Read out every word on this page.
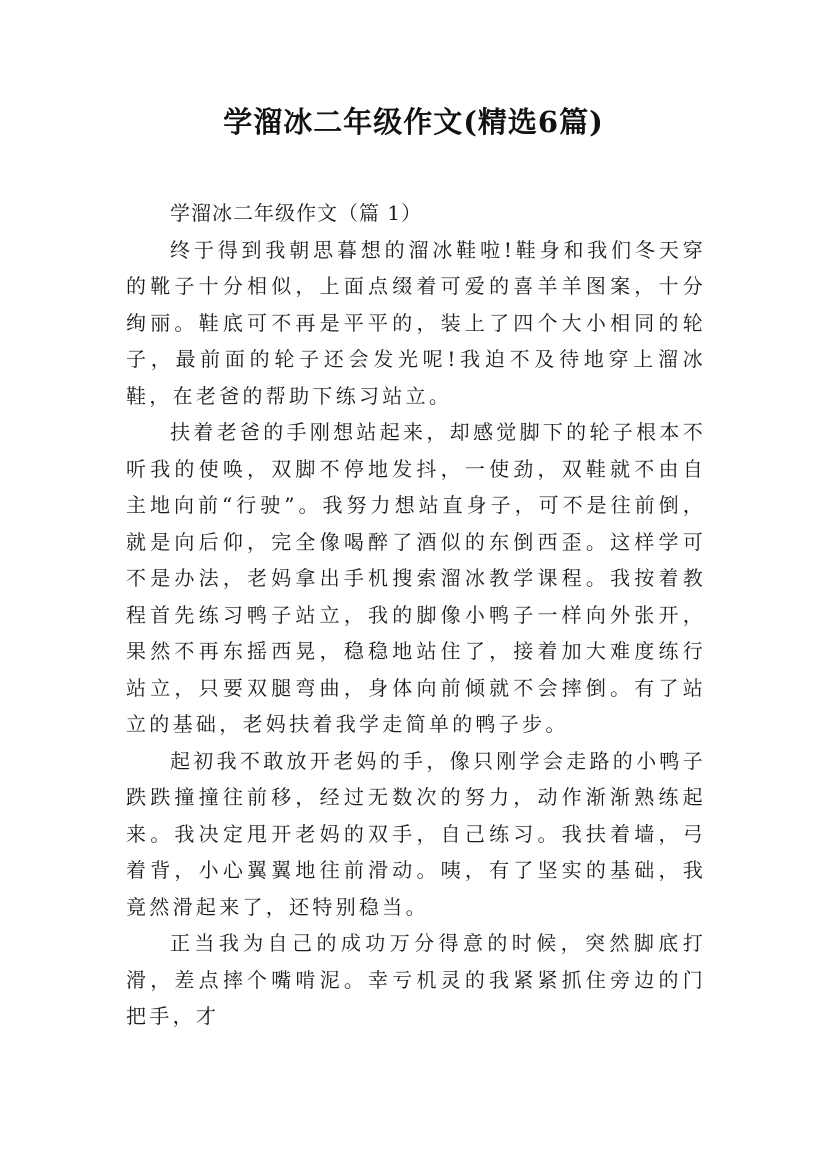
学溜冰二年级作文(精选6篇)

学溜冰二年级作文（篇 1）

终于得到我朝思暮想的溜冰鞋啦!鞋身和我们冬天穿的靴子十分相似，上面点缀着可爱的喜羊羊图案，十分绚丽。鞋底可不再是平平的，装上了四个大小相同的轮子，最前面的轮子还会发光呢!我迫不及待地穿上溜冰鞋，在老爸的帮助下练习站立。

扶着老爸的手刚想站起来，却感觉脚下的轮子根本不听我的使唤，双脚不停地发抖，一使劲，双鞋就不由自主地向前“行驶”。我努力想站直身子，可不是往前倒，就是向后仰，完全像喝醉了酒似的东倒西歪。这样学可不是办法，老妈拿出手机搜索溜冰教学课程。我按着教程首先练习鸭子站立，我的脚像小鸭子一样向外张开，果然不再东摇西晃，稳稳地站住了，接着加大难度练行站立，只要双腿弯曲，身体向前倾就不会摔倒。有了站立的基础，老妈扶着我学走简单的鸭子步。

起初我不敢放开老妈的手，像只刚学会走路的小鸭子跌跌撞撞往前移，经过无数次的努力，动作渐渐熟练起来。我决定甩开老妈的双手，自己练习。我扶着墙，弓着背，小心翼翼地往前滑动。咦，有了坚实的基础，我竟然滑起来了，还特别稳当。

正当我为自己的成功万分得意的时候，突然脚底打滑，差点摔个嘴啃泥。幸亏机灵的我紧紧抓住旁边的门把手，才
